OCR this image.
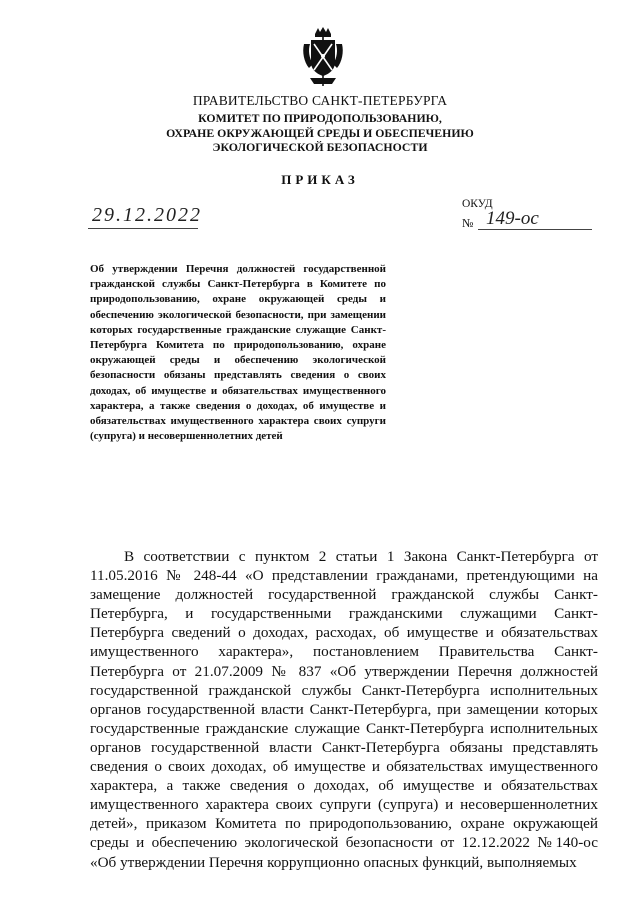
ПРАВИТЕЛЬСТВО САНКТ-ПЕТЕРБУРГА
КОМИТЕТ ПО ПРИРОДОПОЛЬЗОВАНИЮ,
ОХРАНЕ ОКРУЖАЮЩЕЙ СРЕДЫ И ОБЕСПЕЧЕНИЮ
ЭКОЛОГИЧЕСКОЙ БЕЗОПАСНОСТИ
ПРИКАЗ
29.12.2022	ОКУД
№ 149-ос
Об утверждении Перечня должностей государственной гражданской службы Санкт-Петербурга в Комитете по природопользованию, охране окружающей среды и обеспечению экологической безопасности, при замещении которых государственные гражданские служащие Санкт-Петербурга Комитета по природопользованию, охране окружающей среды и обеспечению экологической безопасности обязаны представлять сведения о своих доходах, об имуществе и обязательствах имущественного характера, а также сведения о доходах, об имуществе и обязательствах имущественного характера своих супруги (супруга) и несовершеннолетних детей

В соответствии с пунктом 2 статьи 1 Закона Санкт-Петербурга от 11.05.2016 № 248-44 «О представлении гражданами, претендующими на замещение должностей государственной гражданской службы Санкт-Петербурга, и государственными гражданскими служащими Санкт-Петербурга сведений о доходах, расходах, об имуществе и обязательствах имущественного характера», постановлением Правительства Санкт-Петербурга от 21.07.2009 № 837 «Об утверждении Перечня должностей государственной гражданской службы Санкт-Петербурга исполнительных органов государственной власти Санкт-Петербурга, при замещении которых государственные гражданские служащие Санкт-Петербурга исполнительных органов государственной власти Санкт-Петербурга обязаны представлять сведения о своих доходах, об имуществе и обязательствах имущественного характера, а также сведения о доходах, об имуществе и обязательствах имущественного характера своих супруги (супруга) и несовершеннолетних детей», приказом Комитета по природопользованию, охране окружающей среды и обеспечению экологической безопасности от 12.12.2022 №140-ос «Об утверждении Перечня коррупционно опасных функций, выполняемых
